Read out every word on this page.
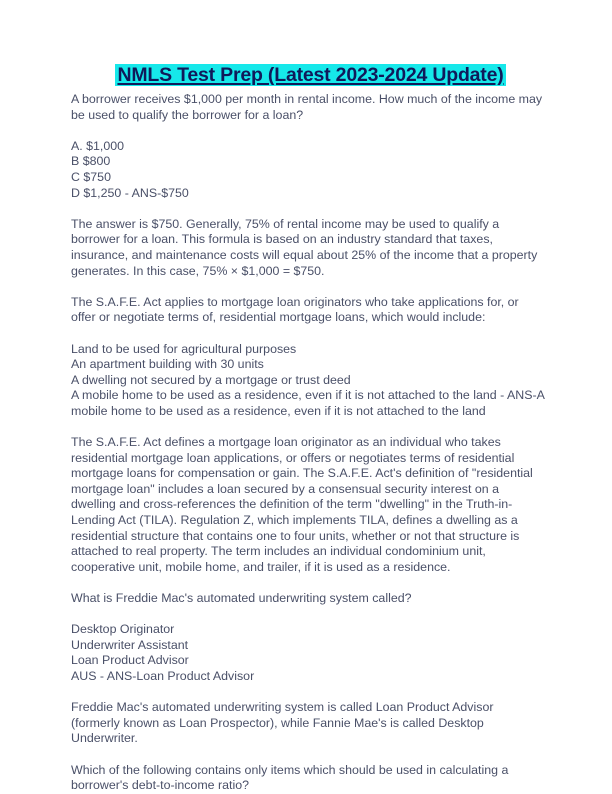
NMLS Test Prep (Latest 2023-2024 Update)

A borrower receives $1,000 per month in rental income. How much of the income may be used to qualify the borrower for a loan?

A. $1,000
B $800
C $750
D $1,250 - ANS-$750

The answer is $750. Generally, 75% of rental income may be used to qualify a borrower for a loan. This formula is based on an industry standard that taxes, insurance, and maintenance costs will equal about 25% of the income that a property generates. In this case, 75% × $1,000 = $750.

The S.A.F.E. Act applies to mortgage loan originators who take applications for, or offer or negotiate terms of, residential mortgage loans, which would include:

Land to be used for agricultural purposes
An apartment building with 30 units
A dwelling not secured by a mortgage or trust deed
A mobile home to be used as a residence, even if it is not attached to the land - ANS-A mobile home to be used as a residence, even if it is not attached to the land

The S.A.F.E. Act defines a mortgage loan originator as an individual who takes residential mortgage loan applications, or offers or negotiates terms of residential mortgage loans for compensation or gain. The S.A.F.E. Act's definition of "residential mortgage loan" includes a loan secured by a consensual security interest on a dwelling and cross-references the definition of the term "dwelling" in the Truth-in-Lending Act (TILA). Regulation Z, which implements TILA, defines a dwelling as a residential structure that contains one to four units, whether or not that structure is attached to real property. The term includes an individual condominium unit, cooperative unit, mobile home, and trailer, if it is used as a residence.

What is Freddie Mac's automated underwriting system called?

Desktop Originator
Underwriter Assistant
Loan Product Advisor
AUS - ANS-Loan Product Advisor

Freddie Mac's automated underwriting system is called Loan Product Advisor (formerly known as Loan Prospector), while Fannie Mae's is called Desktop Underwriter.

Which of the following contains only items which should be used in calculating a borrower's debt-to-income ratio?
